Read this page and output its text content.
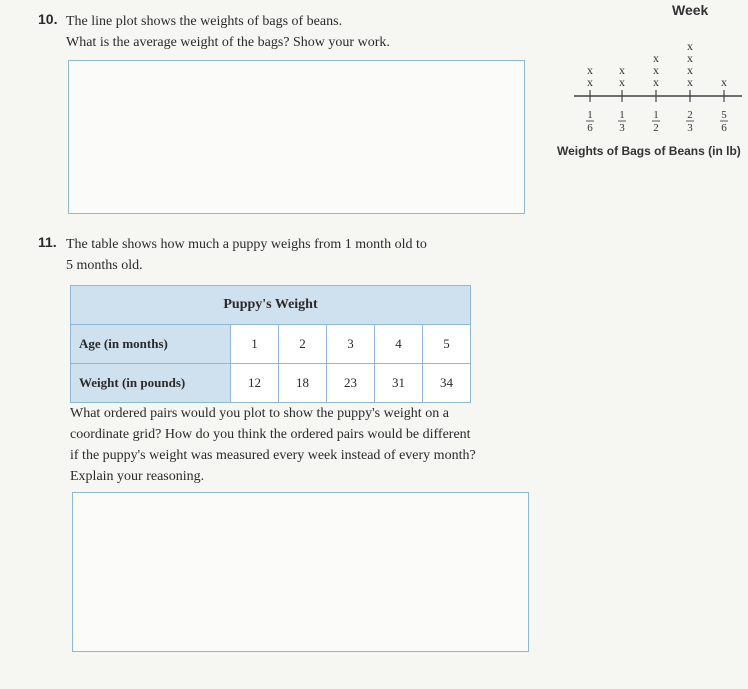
10. The line plot shows the weights of bags of beans.
What is the average weight of the bags? Show your work.
Week
x
x
1
6
x
x
1
3
x
x
x
1
2
x
x
x
x
2
3
x
5
6
Weights of Bags of Beans (in lb)
11. The table shows how much a puppy weighs from 1 month old to
5 months old.
Puppy's Weight					
Age (in months)	1	2	3	4	5
Weight (in pounds)	12	18	23	31	34
What ordered pairs would you plot to show the puppy's weight on a
coordinate grid? How do you think the ordered pairs would be different
if the puppy's weight was measured every week instead of every month?
Explain your reasoning.
